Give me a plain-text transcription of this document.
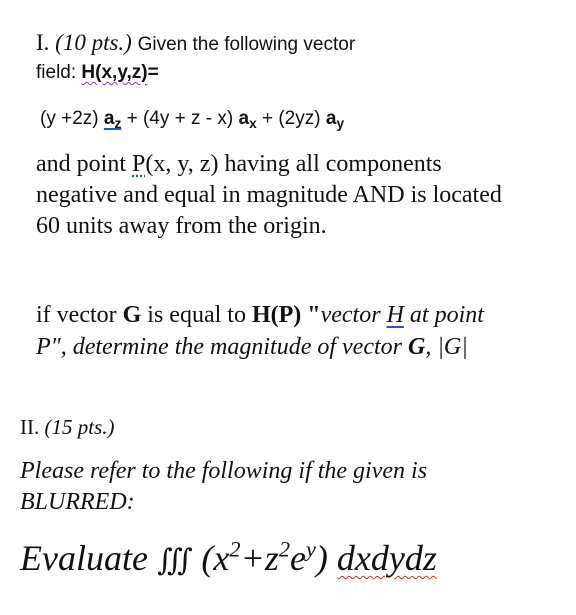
I. (10 pts.) Given the following vector
field: H(x,y,z)=
(y +2z) $a_z + (4y + z - x) a_x + (2yz)$ $a_y$
and point P(x, y, z) having all components
negative and equal in magnitude AND is located
60 units away from the origin.
if vector G is equal to H(P) "vector H at point
P", determine the magnitude of vector G, |G|
II. (15 pts.)
Please refer to the following if the given is
BLURRED:
Evaluate ∭ $(x^2+z^2e^y)$ dxdydz
